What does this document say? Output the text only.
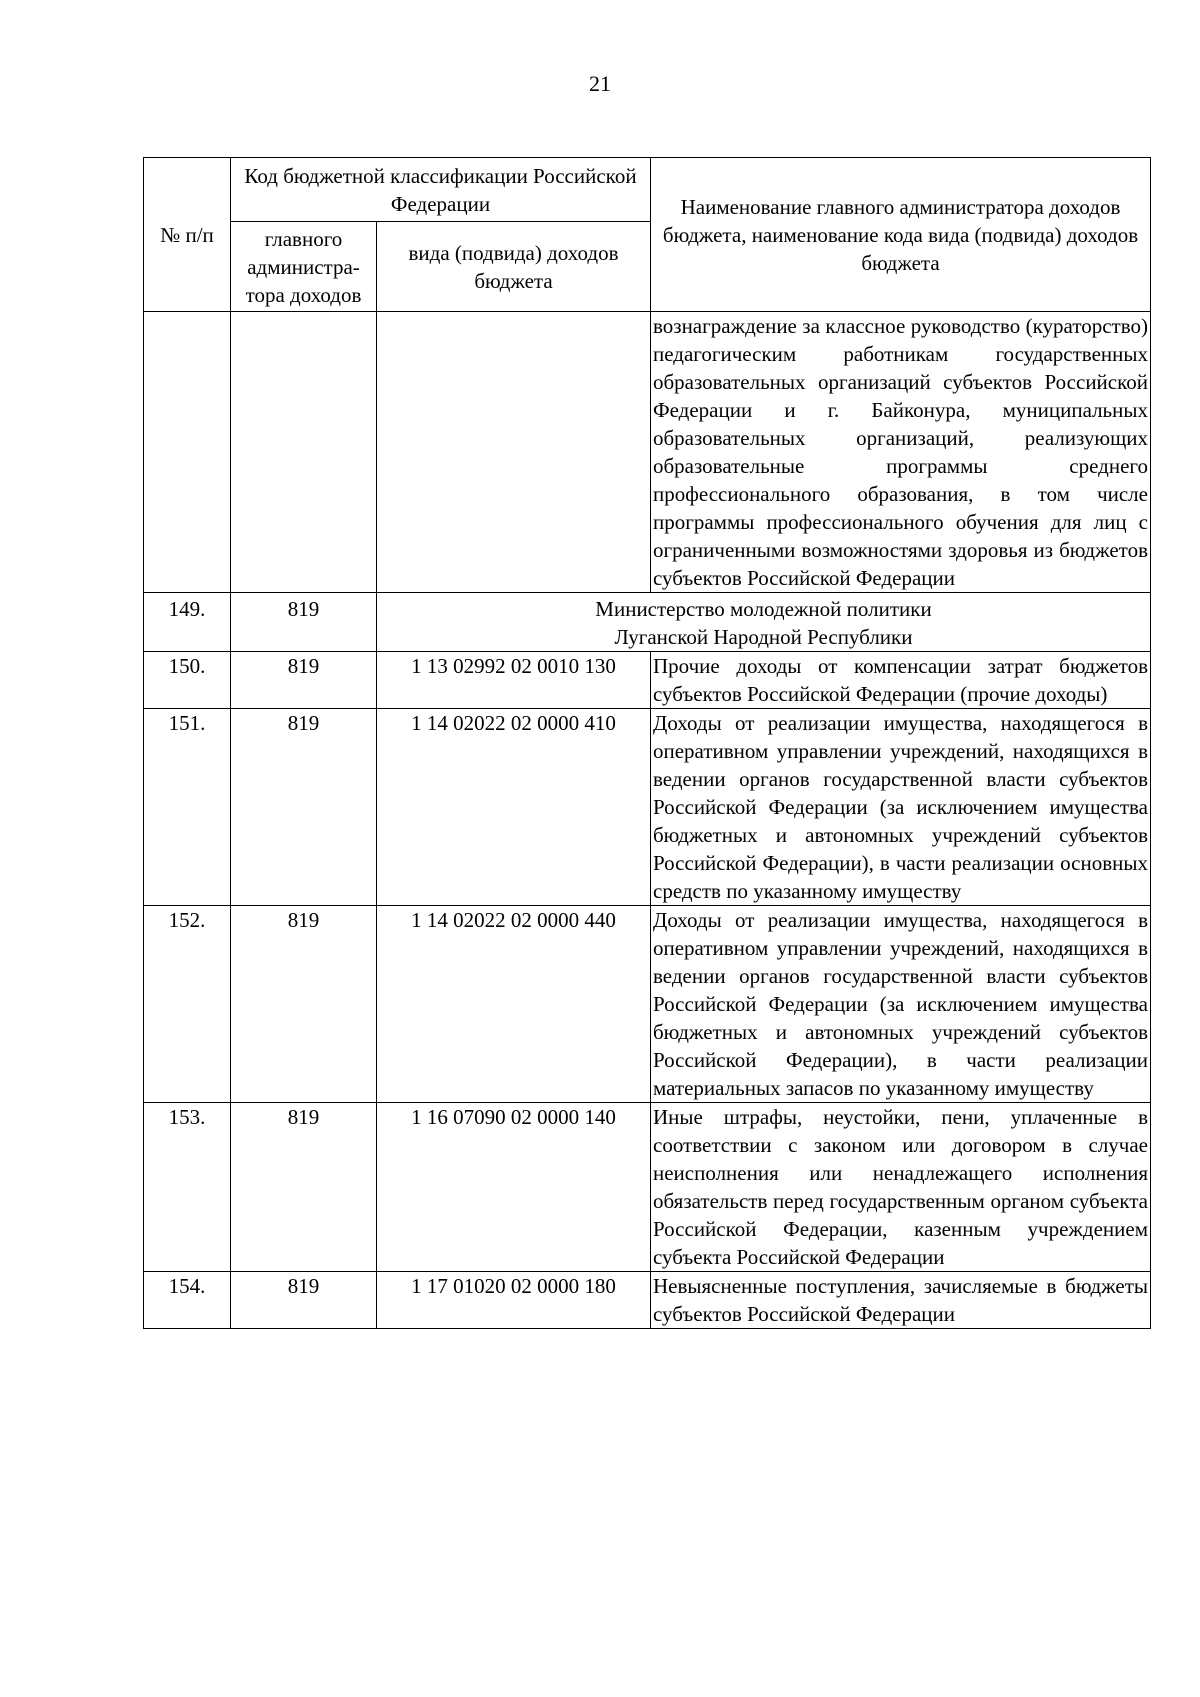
21
№ п/п	Код бюджетной классификации Российской Федерации		Наименование главного администратора доходов бюджета, наименование кода вида (подвида) доходов бюджета
	главного администра-тора доходов	вида (подвида) доходов бюджета	
			вознаграждение за классное руководство (кураторство) педагогическим работникам государственных образовательных организаций субъектов Российской Федерации и г. Байконура, муниципальных образовательных организаций, реализующих образовательные программы среднего профессионального образования, в том числе программы профессионального обучения для лиц с ограниченными возможностями здоровья из бюджетов субъектов Российской Федерации
149.	819	Министерство молодежной политики
Луганской Народной Республики	

150.	819	1 13 02992 02 0010 130	Прочие доходы от компенсации затрат бюджетов субъектов Российской Федерации (прочие доходы)
151.	819	1 14 02022 02 0000 410	Доходы от реализации имущества, находящегося в оперативном управлении учреждений, находящихся в ведении органов государственной власти субъектов Российской Федерации (за исключением имущества бюджетных и автономных учреждений субъектов Российской Федерации), в части реализации основных средств по указанному имуществу
152.	819	1 14 02022 02 0000 440	Доходы от реализации имущества, находящегося в оперативном управлении учреждений, находящихся в ведении органов государственной власти субъектов Российской Федерации (за исключением имущества бюджетных и автономных учреждений субъектов Российской Федерации), в части реализации материальных запасов по указанному имуществу
153.	819	1 16 07090 02 0000 140	Иные штрафы, неустойки, пени, уплаченные в соответствии с законом или договором в случае неисполнения или ненадлежащего исполнения обязательств перед государственным органом субъекта Российской Федерации, казенным учреждением субъекта Российской Федерации
154.	819	1 17 01020 02 0000 180	Невыясненные поступления, зачисляемые в бюджеты субъектов Российской Федерации
